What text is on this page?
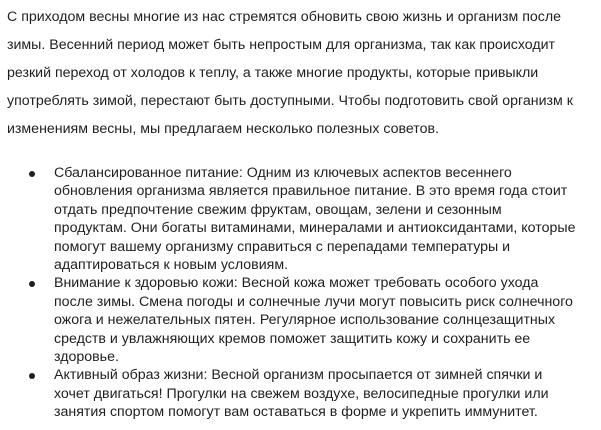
С приходом весны многие из нас стремятся обновить свою жизнь и организм после
зимы. Весенний период может быть непростым для организма, так как происходит
резкий переход от холодов к теплу, а также многие продукты, которые привыкли
употреблять зимой, перестают быть доступными. Чтобы подготовить свой организм к
изменениям весны, мы предлагаем несколько полезных советов.

Сбалансированное питание: Одним из ключевых аспектов весеннего
обновления организма является правильное питание. В это время года стоит
отдать предпочтение свежим фруктам, овощам, зелени и сезонным
продуктам. Они богаты витаминами, минералами и антиоксидантами, которые
помогут вашему организму справиться с перепадами температуры и
адаптироваться к новым условиям.
Внимание к здоровью кожи: Весной кожа может требовать особого ухода
после зимы. Смена погоды и солнечные лучи могут повысить риск солнечного
ожога и нежелательных пятен. Регулярное использование солнцезащитных
средств и увлажняющих кремов поможет защитить кожу и сохранить ее
здоровье.
Активный образ жизни: Весной организм просыпается от зимней спячки и
хочет двигаться! Прогулки на свежем воздухе, велосипедные прогулки или
занятия спортом помогут вам оставаться в форме и укрепить иммунитет.
